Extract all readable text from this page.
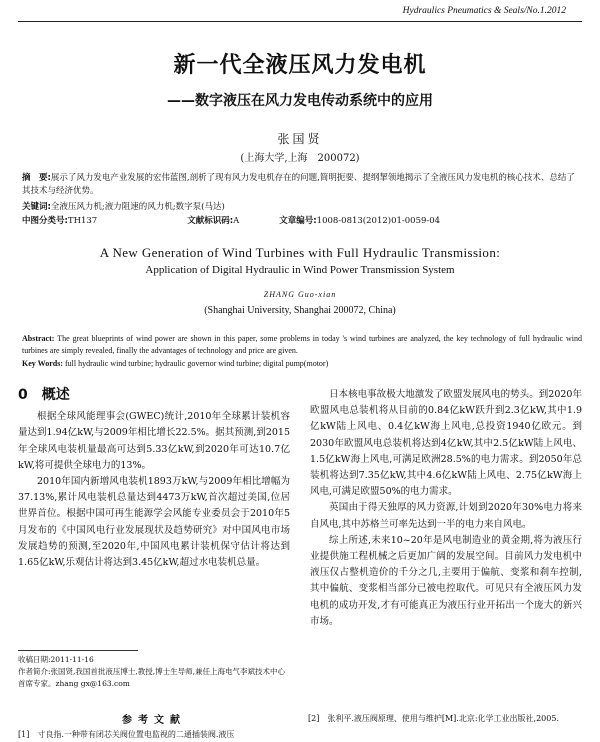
Hydraulics Pneumatics & Seals/No.1.2012
新一代全液压风力发电机
——数字液压在风力发电传动系统中的应用
张国贤
(上海大学,上海　200072)
摘　要:展示了风力发电产业发展的宏伟蓝图,剖析了现有风力发电机存在的问题,简明扼要、提纲挈领地揭示了全液压风力发电机的核心技术、总结了其技术与经济优势。
关键词:全液压风力机;液力阻速的风力机;数字泵(马达)
中图分类号: TH137	文献标识码: A	文章编号: 1008-0813(2012)01-0059-04
A New Generation of Wind Turbines with Full Hydraulic Transmission:
Application of Digital Hydraulic in Wind Power Transmission System
ZHANG Guo-xian
(Shanghai University, Shanghai 200072, China)
Abstract: The great blueprints of wind power are shown in this paper, some problems in today 's wind turbines are analyzed, the key technology of full hydraulic wind turbines are simply revealed, finally the advantages of technology and price are given.
Key Words: full hydraulic wind turbine; hydraulic governor wind turbine; digital pump(motor)
0 概述

根据全球风能理事会(GWEC)统计,2010年全球累计装机容量达到1.94亿kW,与2009年相比增长22.5%。据其预测,到2015年全球风电装机量最高可达到5.33亿kW,到2020年可达10.7亿kW,将可提供全球电力的13%。

2010年国内新增风电装机1893万kW,与2009年相比增幅为37.13%,累计风电装机总量达到4473万kW,首次超过美国,位居世界首位。根据中国可再生能源学会风能专业委员会于2010年5月发布的《中国风电行业发展现状及趋势研究》对中国风电市场发展趋势的预测,至2020年,中国风电累计装机保守估计将达到1.65亿kW,乐观估计将达到3.45亿kW,超过水电装机总量。

日本核电事故极大地激发了欧盟发展风电的势头。到2020年欧盟风电总装机将从目前的0.84亿kW跃升到2.3亿kW,其中1.9亿kW陆上风电、0.4亿kW海上风电,总投资1940亿欧元。到2030年欧盟风电总装机将达到4亿kW,其中2.5亿kW陆上风电、1.5亿kW海上风电,可满足欧洲28.5%的电力需求。到2050年总装机将达到7.35亿kW,其中4.6亿kW陆上风电、2.75亿kW海上风电,可满足欧盟50%的电力需求。

英国由于得天独厚的风力资源,计划到2020年30%电力将来自风电,其中苏格兰可率先达到一半的电力来自风电。

综上所述,未来10~20年是风电制造业的黄金期,将为液压行业提供施工程机械之后更加广阔的发展空间。目前风力发电机中液压仅占整机造价的千分之几,主要用于偏航、变浆和刹车控制,其中偏航、变浆相当部分已被电控取代。可见只有全液压风力发电机的成功开发,才有可能真正为液压行业开拓出一个庞大的新兴市场。

收稿日期:2011-11-16
作者简介:张国贤,我国首批液压博士,教授,博士生导师,兼任上海电气李斌技术中心首席专家。zhang gx@163.com
参考文献
[1]　寸良指.一种带有闭芯关阀位置电监视的二通插装阀.液压
[2]　张利平.液压阀原理、使用与维护[M].北京:化学工业出版社,2005.
